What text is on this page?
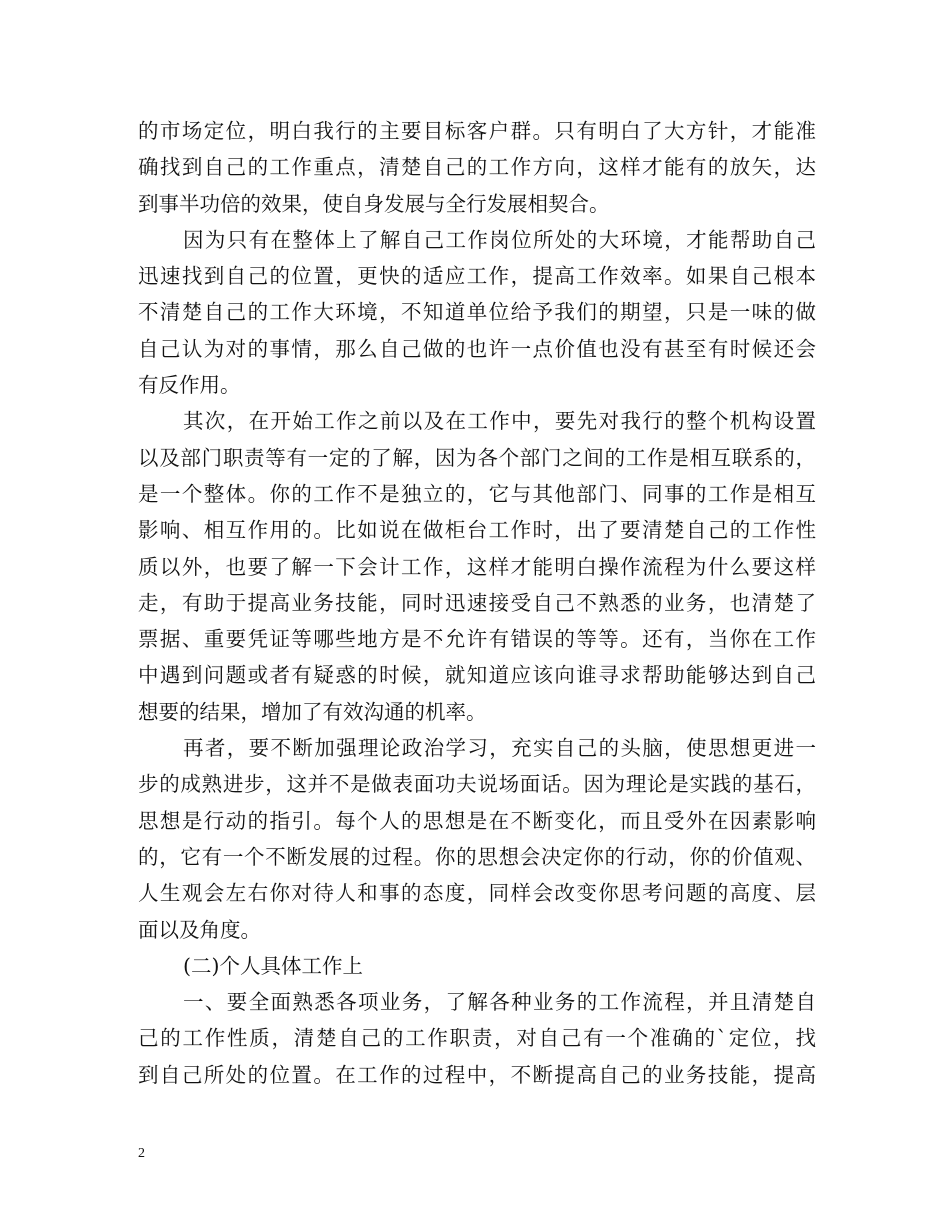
的市场定位，明白我行的主要目标客户群。只有明白了大方针，才能准
确找到自己的工作重点，清楚自己的工作方向，这样才能有的放矢，达
到事半功倍的效果，使自身发展与全行发展相契合。
因为只有在整体上了解自己工作岗位所处的大环境，才能帮助自己
迅速找到自己的位置，更快的适应工作，提高工作效率。如果自己根本
不清楚自己的工作大环境，不知道单位给予我们的期望，只是一味的做
自己认为对的事情，那么自己做的也许一点价值也没有甚至有时候还会
有反作用。
其次，在开始工作之前以及在工作中，要先对我行的整个机构设置
以及部门职责等有一定的了解，因为各个部门之间的工作是相互联系的，
是一个整体。你的工作不是独立的，它与其他部门、同事的工作是相互
影响、相互作用的。比如说在做柜台工作时，出了要清楚自己的工作性
质以外，也要了解一下会计工作，这样才能明白操作流程为什么要这样
走，有助于提高业务技能，同时迅速接受自己不熟悉的业务，也清楚了
票据、重要凭证等哪些地方是不允许有错误的等等。还有，当你在工作
中遇到问题或者有疑惑的时候，就知道应该向谁寻求帮助能够达到自己
想要的结果，增加了有效沟通的机率。
再者，要不断加强理论政治学习，充实自己的头脑，使思想更进一
步的成熟进步，这并不是做表面功夫说场面话。因为理论是实践的基石，
思想是行动的指引。每个人的思想是在不断变化，而且受外在因素影响
的，它有一个不断发展的过程。你的思想会决定你的行动，你的价值观、
人生观会左右你对待人和事的态度，同样会改变你思考问题的高度、层
面以及角度。
(二)个人具体工作上
一、要全面熟悉各项业务，了解各种业务的工作流程，并且清楚自
己的工作性质，清楚自己的工作职责，对自己有一个准确的`定位，找
到自己所处的位置。在工作的过程中，不断提高自己的业务技能，提高
2
